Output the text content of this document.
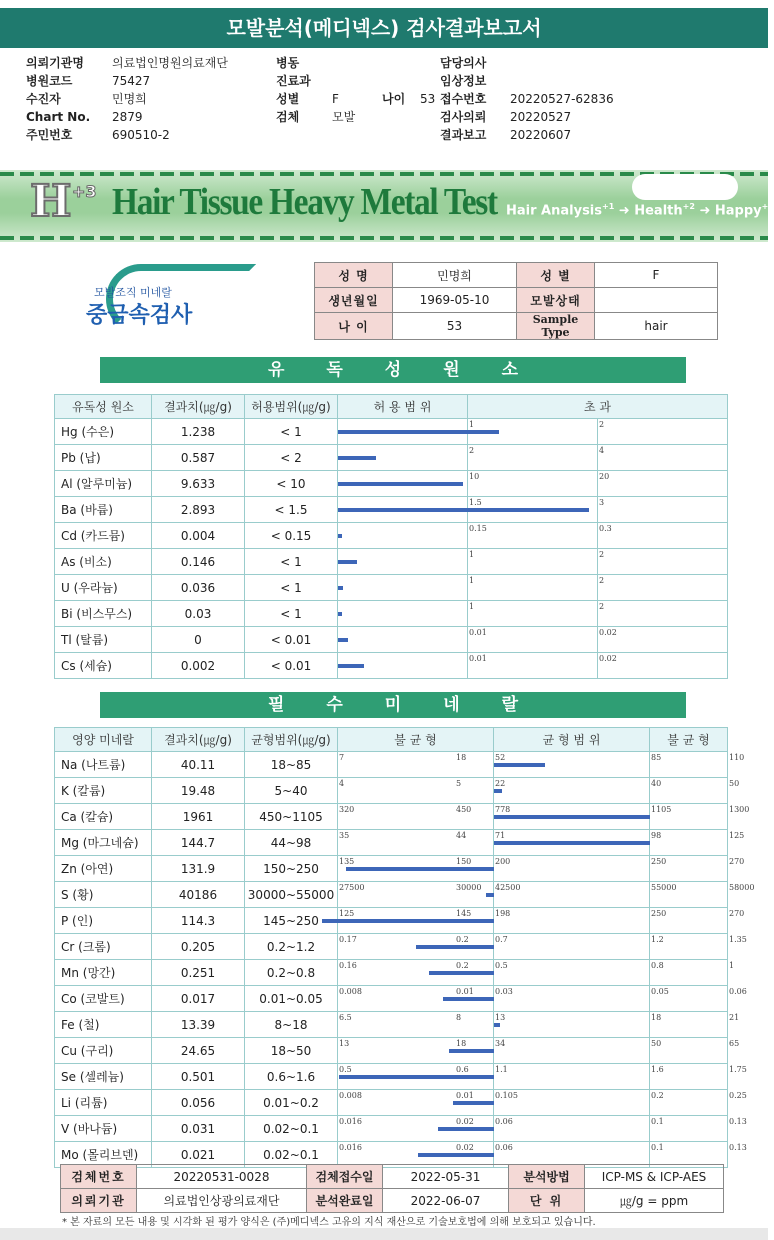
모발분석(메디넥스) 검사결과보고서
의뢰기관명 의료법인명원의료재단	병동	담당의사
병원코드	75427	진료과	임상정보
수진자	민명희	성별	F	나이 53 접수번호 20220527-62836
Chart No. 2879	검체	모발	검사의뢰 20220527
주민번호	690510-2	결과보고 20220607
H +3 Hair Tissue Heavy Metal Test Hair Analysis$^{+1}$ ➜ Health$^{+2}$ ➜ Happy$^{+3}$
모발조직 미네랄
중금속검사
성 명	민명희	성 별	F
생년월일	1969-05-10	모발상태	
나 이	53	Sample Type	hair
유독성원소
유독성 원소	결과치(㎍/g)	허용범위(㎍/g)	허 용 범 위	초 과	
Hg (수은)	1.238	< 1		1	2

Pb (납)	0.587	< 2		2	4

Al (알루미늄)	9.633	< 10		10	20

Ba (바륨)	2.893	< 1.5		1.5	3

Cd (카드뮴)	0.004	< 0.15		0.15	0.3

As (비소)	0.146	< 1		1	2

U (우라늄)	0.036	< 1		1	2

Bi (비스무스)	0.03	< 1		1	2

Tl (탈륨)	0	< 0.01		0.01	0.02

Cs (세슘)	0.002	< 0.01		0.01	0.02
필수미네랄
영양 미네랄	결과치(㎍/g)	균형범위(㎍/g)	불 균 형	균 형 범 위	불 균 형
Na (나트륨)	40.11	18~85	7 18	52	85 110

K (칼륨)	19.48	5~40	4 5	22	40 50

Ca (칼슘)	1961	450~1105	320 450	778	1105 1300

Mg (마그네슘)	144.7	44~98	35 44	71	98 125

Zn (아연)	131.9	150~250	135 150	200	250 270

S (황)	40186	30000~55000	27500 30000	42500	55000 58000

P (인)	114.3	145~250	125 145	198	250 270

Cr (크롬)	0.205	0.2~1.2	0.17 0.2	0.7	1.2 1.35

Mn (망간)	0.251	0.2~0.8	0.16 0.2	0.5	0.8 1

Co (코발트)	0.017	0.01~0.05	0.008 0.01	0.03	0.05 0.06

Fe (철)	13.39	8~18	6.5 8	13	18 21

Cu (구리)	24.65	18~50	13 18	34	50 65

Se (셀레늄)	0.501	0.6~1.6	0.5 0.6	1.1	1.6 1.75

Li (리튬)	0.056	0.01~0.2	0.008 0.01	0.105	0.2 0.25

V (바나듐)	0.031	0.02~0.1	0.016 0.02	0.06	0.1 0.13

Mo (몰리브덴)	0.021	0.02~0.1	0.016 0.02	0.06	0.1 0.13
검체번호	20220531-0028	검체접수일	2022-05-31	분석방법	ICP-MS & ICP-AES
의뢰기관	의료법인상광의료재단	분석완료일	2022-06-07	단 위	㎍/g = ppm
* 본 자료의 모든 내용 및 시각화 된 평가 양식은 (주)메디넥스 고유의 지식 재산으로 기술보호법에 의해 보호되고 있습니다.
